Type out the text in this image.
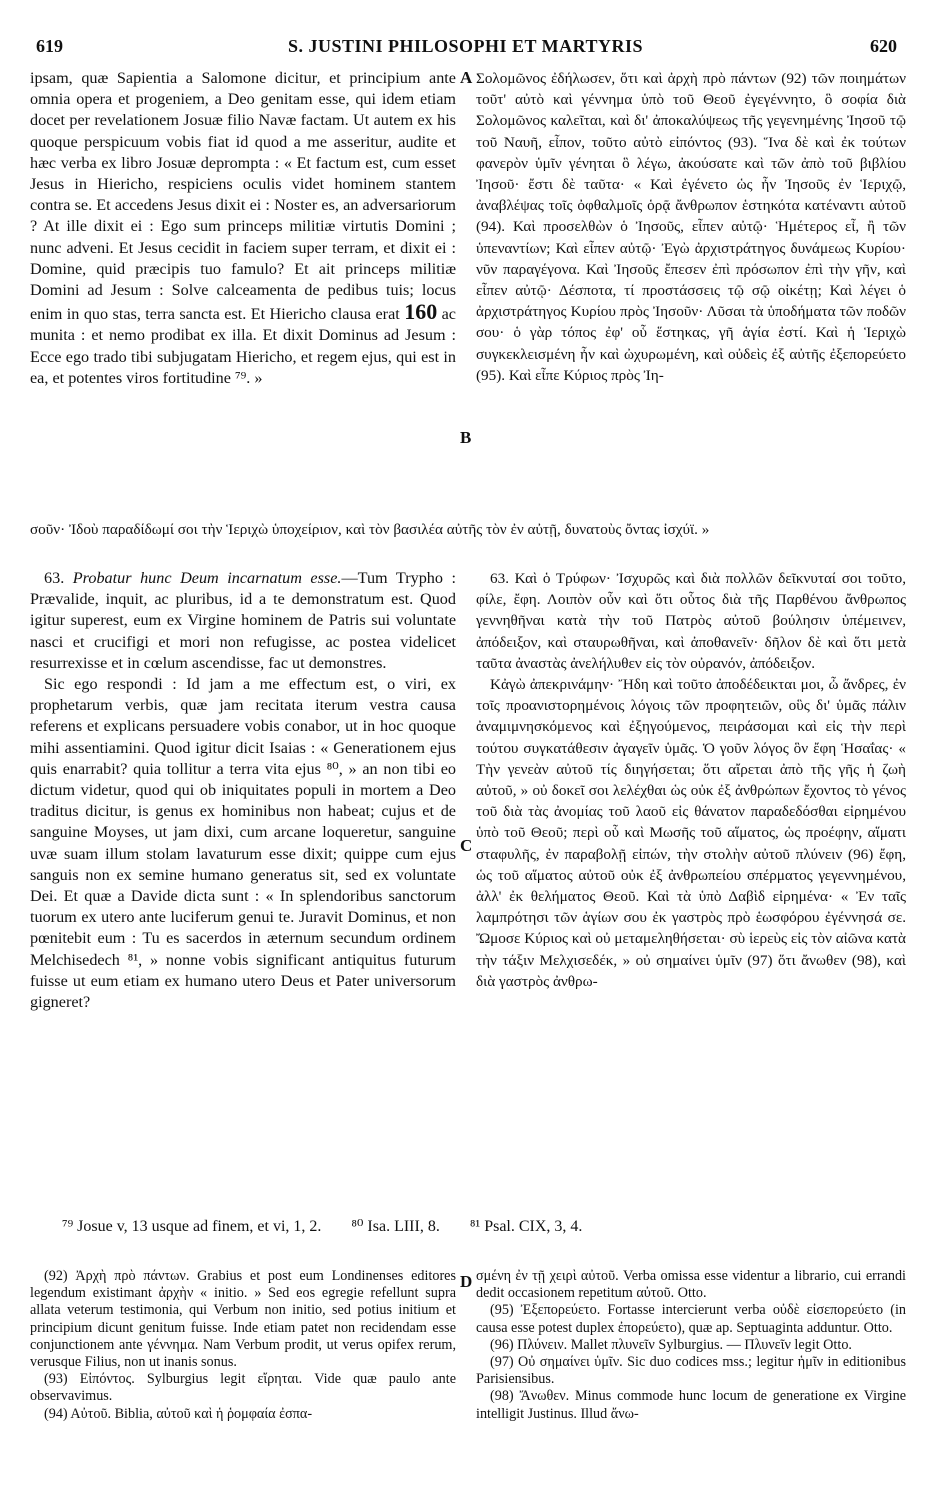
619	S. JUSTINI PHILOSOPHI ET MARTYRIS	620
A
B
C
D

ipsam, quæ Sapientia a Salomone dicitur, et principium ante omnia opera et progeniem, a Deo genitam esse, qui idem etiam docet per revelationem Josuæ filio Navæ factam. Ut autem ex his quoque perspicuum vobis fiat id quod a me asseritur, audite et hæc verba ex libro Josuæ deprompta : « Et factum est, cum esset Jesus in Hiericho, respiciens oculis videt hominem stantem contra se. Et accedens Jesus dixit ei : Noster es, an adversariorum ? At ille dixit ei : Ego sum princeps militiæ virtutis Domini ; nunc adveni. Et Jesus cecidit in faciem super terram, et dixit ei : Domine, quid præcipis tuo famulo? Et ait princeps militiæ Domini ad Jesum : Solve calceamenta de pedibus tuis; locus enim in quo stas, terra sancta est. Et Hiericho clausa erat 160 ac munita : et nemo prodibat ex illa. Et dixit Dominus ad Jesum : Ecce ego trado tibi subjugatam Hiericho, et regem ejus, qui est in ea, et potentes viros fortitudine ⁷⁹. »

Σολομῶνος ἐδήλωσεν, ὅτι καὶ ἀρχὴ πρὸ πάντων (92) τῶν ποιημάτων τοῦτ' αὐτὸ καὶ γέννημα ὑπὸ τοῦ Θεοῦ ἐγεγέννητο, ὃ σοφία διὰ Σολομῶνος καλεῖται, καὶ δι' ἀποκαλύψεως τῆς γεγενημένης Ἰησοῦ τῷ τοῦ Ναυῆ, εἶπον, τοῦτο αὐτὸ εἰπόντος (93). Ἵνα δὲ καὶ ἐκ τούτων φανερὸν ὑμῖν γένηται ὃ λέγω, ἀκούσατε καὶ τῶν ἀπὸ τοῦ βιβλίου Ἰησοῦ· ἔστι δὲ ταῦτα· « Καὶ ἐγένετο ὡς ἦν Ἰησοῦς ἐν Ἱεριχῷ, ἀναβλέψας τοῖς ὀφθαλμοῖς ὁρᾷ ἄνθρωπον ἑστηκότα κατέναντι αὐτοῦ (94). Καὶ προσελθὼν ὁ Ἰησοῦς, εἶπεν αὐτῷ· Ἡμέτερος εἶ, ἢ τῶν ὑπεναντίων; Καὶ εἶπεν αὐτῷ· Ἐγὼ ἀρχιστράτηγος δυνάμεως Κυρίου· νῦν παραγέγονα. Καὶ Ἰησοῦς ἔπεσεν ἐπὶ πρόσωπον ἐπὶ τὴν γῆν, καὶ εἶπεν αὐτῷ· Δέσποτα, τί προστάσσεις τῷ σῷ οἰκέτῃ; Καὶ λέγει ὁ ἀρχιστράτηγος Κυρίου πρὸς Ἰησοῦν· Λῦσαι τὰ ὑποδήματα τῶν ποδῶν σου· ὁ γὰρ τόπος ἐφ' οὗ ἕστηκας, γῆ ἁγία ἐστί. Καὶ ἡ Ἱεριχὼ συγκεκλεισμένη ἦν καὶ ὠχυρωμένη, καὶ οὐδεὶς ἐξ αὐτῆς ἐξεπορεύετο (95). Καὶ εἶπε Κύριος πρὸς Ἰη-

σοῦν· Ἰδοὺ παραδίδωμί σοι τὴν Ἱεριχὼ ὑποχείριον, καὶ τὸν βασιλέα αὐτῆς τὸν ἐν αὐτῇ, δυνατοὺς ὄντας ἰσχύϊ. »

63. Probatur hunc Deum incarnatum esse.—Tum Trypho : Prævalide, inquit, ac pluribus, id a te demonstratum est. Quod igitur superest, eum ex Virgine hominem de Patris sui voluntate nasci et crucifigi et mori non refugisse, ac postea videlicet resurrexisse et in cœlum ascendisse, fac ut demonstres.

Sic ego respondi : Id jam a me effectum est, o viri, ex prophetarum verbis, quæ jam recitata iterum vestra causa referens et explicans persuadere vobis conabor, ut in hoc quoque mihi assentiamini. Quod igitur dicit Isaias : « Generationem ejus quis enarrabit? quia tollitur a terra vita ejus ⁸⁰, » an non tibi eo dictum videtur, quod qui ob iniquitates populi in mortem a Deo traditus dicitur, is genus ex hominibus non habeat; cujus et de sanguine Moyses, ut jam dixi, cum arcane loqueretur, sanguine uvæ suam illum stolam lavaturum esse dixit; quippe cum ejus sanguis non ex semine humano generatus sit, sed ex voluntate Dei. Et quæ a Davide dicta sunt : « In splendoribus sanctorum tuorum ex utero ante luciferum genui te. Juravit Dominus, et non pœnitebit eum : Tu es sacerdos in æternum secundum ordinem Melchisedech ⁸¹, » nonne vobis significant antiquitus futurum fuisse ut eum etiam ex humano utero Deus et Pater universorum gigneret?

63. Καὶ ὁ Τρύφων· Ἰσχυρῶς καὶ διὰ πολλῶν δεῖκνυταί σοι τοῦτο, φίλε, ἔφη. Λοιπὸν οὖν καὶ ὅτι οὗτος διὰ τῆς Παρθένου ἄνθρωπος γεννηθῆναι κατὰ τὴν τοῦ Πατρὸς αὐτοῦ βούλησιν ὑπέμεινεν, ἀπόδειξον, καὶ σταυρωθῆναι, καὶ ἀποθανεῖν· δῆλον δὲ καὶ ὅτι μετὰ ταῦτα ἀναστὰς ἀνελήλυθεν εἰς τὸν οὐρανόν, ἀπόδειξον.

Κἀγὼ ἀπεκρινάμην· Ἤδη καὶ τοῦτο ἀποδέδεικται μοι, ὦ ἄνδρες, ἐν τοῖς προανιστορημένοις λόγοις τῶν προφητειῶν, οὓς δι' ὑμᾶς πάλιν ἀναμιμνησκόμενος καὶ ἐξηγούμενος, πειράσομαι καὶ εἰς τὴν περὶ τούτου συγκατάθεσιν ἀγαγεῖν ὑμᾶς. Ὁ γοῦν λόγος ὃν ἔφη Ἡσαΐας· « Τὴν γενεὰν αὐτοῦ τίς διηγήσεται; ὅτι αἴρεται ἀπὸ τῆς γῆς ἡ ζωὴ αὐτοῦ, » οὐ δοκεῖ σοι λελέχθαι ὡς οὐκ ἐξ ἀνθρώπων ἔχοντος τὸ γένος τοῦ διὰ τὰς ἀνομίας τοῦ λαοῦ εἰς θάνατον παραδεδόσθαι εἰρημένου ὑπὸ τοῦ Θεοῦ; περὶ οὗ καὶ Μωσῆς τοῦ αἵματος, ὡς προέφην, αἵματι σταφυλῆς, ἐν παραβολῇ εἰπών, τὴν στολὴν αὐτοῦ πλύνειν (96) ἔφη, ὡς τοῦ αἵματος αὐτοῦ οὐκ ἐξ ἀνθρωπείου σπέρματος γεγεννημένου, ἀλλ' ἐκ θελήματος Θεοῦ. Καὶ τὰ ὑπὸ Δαβὶδ εἰρημένα· « Ἐν ταῖς λαμπρότησι τῶν ἁγίων σου ἐκ γαστρὸς πρὸ ἑωσφόρου ἐγέννησά σε. Ὤμοσε Κύριος καὶ οὐ μεταμεληθήσεται· σὺ ἱερεὺς εἰς τὸν αἰῶνα κατὰ τὴν τάξιν Μελχισεδέκ, » οὐ σημαίνει ὑμῖν (97) ὅτι ἄνωθεν (98), καὶ διὰ γαστρὸς ἀνθρω-

⁷⁹ Josue v, 13 usque ad finem, et vi, 1, 2. ⁸⁰ Isa. LIII, 8. ⁸¹ Psal. CIX, 3, 4.

(92) Ἀρχὴ πρὸ πάντων. Grabius et post eum Londinenses editores legendum existimant ἀρχὴν « initio. » Sed eos egregie refellunt supra allata veterum testimonia, qui Verbum non initio, sed potius initium et principium dicunt genitum fuisse. Inde etiam patet non recidendam esse conjunctionem ante γέννημα. Nam Verbum prodit, ut verus opifex rerum, verusque Filius, non ut inanis sonus.

(93) Εἰπόντος. Sylburgius legit εἴρηται. Vide quæ paulo ante observavimus.

(94) Αὐτοῦ. Biblia, αὐτοῦ καὶ ἡ ῥομφαία ἐσπα-

σμένη ἐν τῇ χειρὶ αὐτοῦ. Verba omissa esse videntur a librario, cui errandi dedit occasionem repetitum αὐτοῦ. Otto.

(95) Ἐξεπορεύετο. Fortasse intercierunt verba οὐδὲ εἰσεπορεύετο (in causa esse potest duplex ἐπορεύετο), quæ ap. Septuaginta adduntur. Otto.

(96) Πλύνειν. Mallet πλυνεῖν Sylburgius. — Πλυνεῖν legit Otto.

(97) Οὐ σημαίνει ὑμῖν. Sic duo codices mss.; legitur ἡμῖν in editionibus Parisiensibus.

(98) Ἄνωθεν. Minus commode hunc locum de generatione ex Virgine intelligit Justinus. Illud ἄνω-
